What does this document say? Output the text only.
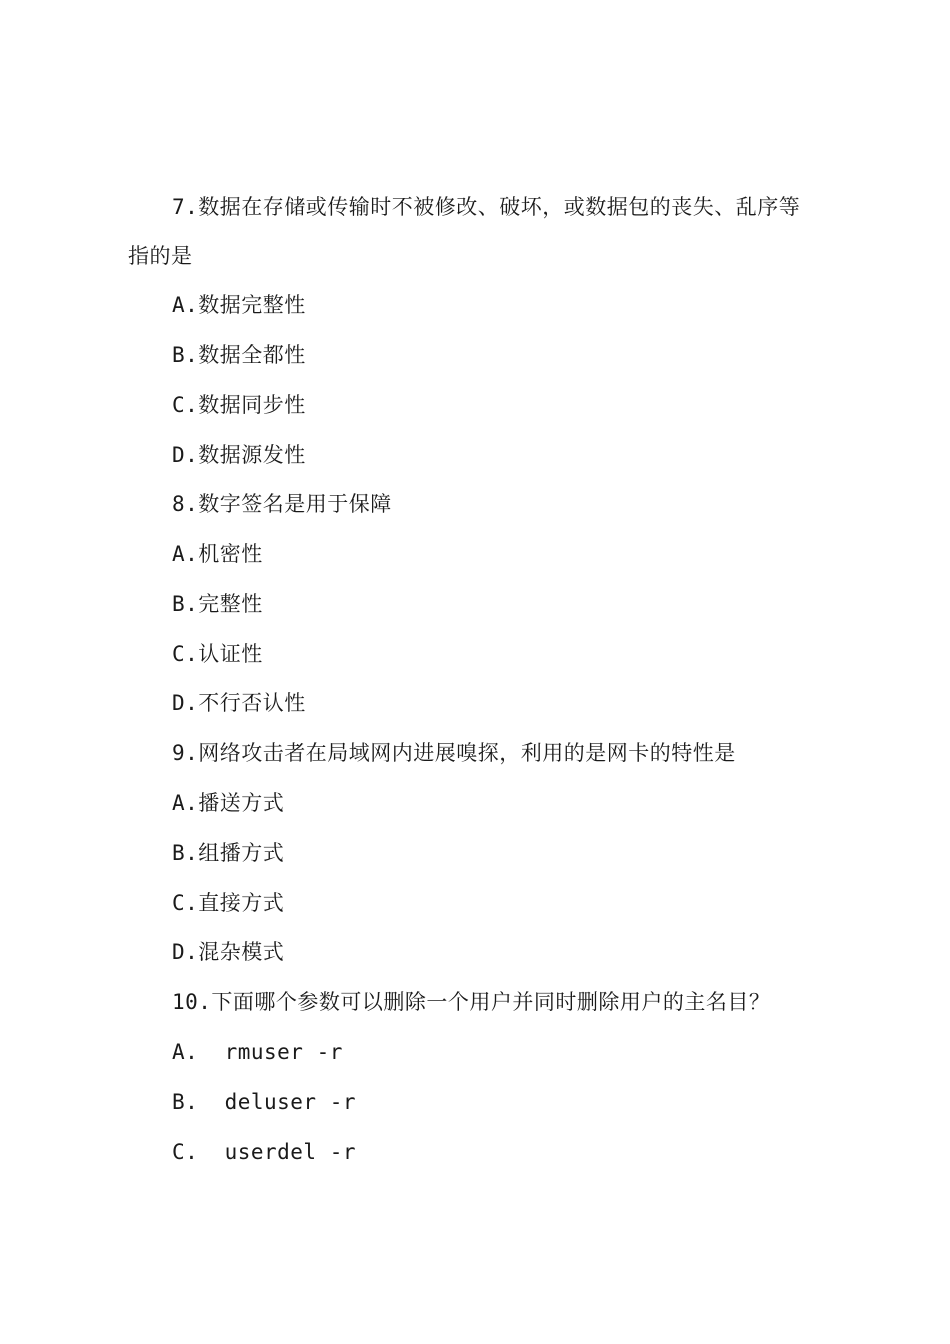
7.数据在存储或传输时不被修改、破坏，或数据包的丧失、乱序等
指的是
A.数据完整性
B.数据全都性
C.数据同步性
D.数据源发性
8.数字签名是用于保障
A.机密性
B.完整性
C.认证性
D.不行否认性
9.网络攻击者在局域网内进展嗅探，利用的是网卡的特性是
A.播送方式
B.组播方式
C.直接方式
D.混杂模式
10.下面哪个参数可以删除一个用户并同时删除用户的主名目？
A.  rmuser -r
B.  deluser -r
C.  userdel -r
